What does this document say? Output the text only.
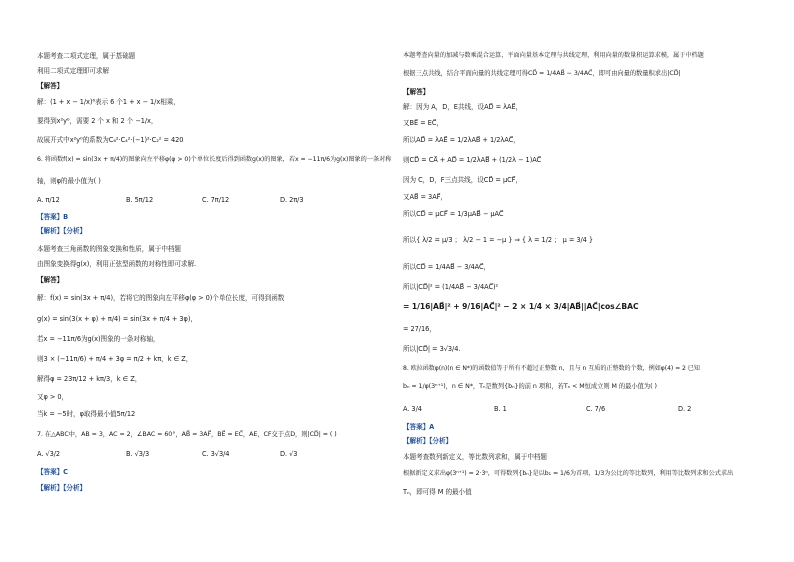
本题考查二项式定理，属于基础题
利用二项式定理即可求解
【解答】
解：(1 + x − 1/x)⁶表示 6 个1 + x − 1/x相乘，
要得到x²y⁰，需要 2 个 x 和 2 个 −1/x，
故展开式中x²y⁰的系数为C₆²·C₄²·(−1)²·C₂² = 420
6. 将函数f(x) = sin(3x + π/4)的图象向左平移φ(φ > 0)个单位长度后得到函数g(x)的图象，若x = −11π/6为g(x)图象的一条对称
轴，则φ的最小值为( )
A. π/12	B. 5π/12	C. 7π/12	D. 2π/3
【答案】B
【解析】【分析】
本题考查三角函数的图象变换和性质，属于中档题
由图象变换得g(x)，利用正弦型函数的对称性即可求解.
【解答】
解：f(x) = sin(3x + π/4)，若将它的图象向左平移φ(φ > 0)个单位长度，可得到函数
g(x) = sin(3(x + φ) + π/4) = sin(3x + π/4 + 3φ)，
若x = −11π/6为g(x)图象的一条对称轴，
则3 × (−11π/6) + π/4 + 3φ = π/2 + kπ，k ∈ Z，
解得φ = 23π/12 + kπ/3，k ∈ Z，
又φ > 0，
当k = −5时，φ取得最小值5π/12
7. 在△ABC中，AB = 3，AC = 2，∠BAC = 60°，AB⃗ = 3AF⃗，BE⃗ = EC⃗，AE，CF交于点D，则|CD⃗| = ( )
A. √3/2	B. √3/3	C. 3√3/4	D. √3
【答案】C
【解析】【分析】
本题考查向量的加减与数乘混合运算，平面向量基本定理与共线定理，利用向量的数量积运算求模，属于中档题
根据三点共线，结合平面向量的共线定理可得CD⃗ = 1/4AB⃗ − 3/4AC⃗，即可由向量的数量积求出|CD⃗|
【解答】
解：因为 A，D，E共线，设AD⃗ = λAE⃗，
又BE⃗ = EC⃗，
所以AD⃗ = λAE⃗ = 1/2λAB⃗ + 1/2λAC⃗，
则CD⃗ = CA⃗ + AD⃗ = 1/2λAB⃗ + (1/2λ − 1)AC⃗
因为 C，D，F三点共线，设CD⃗ = μCF⃗，
又AB⃗ = 3AF⃗，
所以CD⃗ = μCF⃗ = 1/3μAB⃗ − μAC⃗
所以{ λ/2 = μ/3 ； λ/2 − 1 = −μ } ⇒ { λ = 1/2 ； μ = 3/4 }
所以CD⃗ = 1/4AB⃗ − 3/4AC⃗，
所以|CD⃗|² = (1/4AB⃗ − 3/4AC⃗)²
= 1/16|AB⃗|² + 9/16|AC⃗|² − 2 × 1/4 × 3/4|AB⃗||AC⃗|cos∠BAC
= 27/16，
所以|CD⃗| = 3√3/4.
8. 欧拉函数φ(n)(n ∈ N*)的函数值等于所有不超过正整数 n，且与 n 互质的正整数的个数，例如φ(4) = 2 已知
bₙ = 1/φ(3ⁿ⁺¹)，n ∈ N*，Tₙ是数列{bₙ}的前 n 项和，若Tₙ < M恒成立则 M 的最小值为( )
A. 3/4	B. 1	C. 7/6	D. 2
【答案】A
【解析】【分析】
本题考查数列新定义，等比数列求和，属于中档题
根据新定义求出φ(3ⁿ⁺¹) = 2·3ⁿ，可得数列{bₙ}是以b₁ = 1/6为首项，1/3为公比的等比数列，利用等比数列求和公式求出
Tₙ，即可得 M 的最小值
